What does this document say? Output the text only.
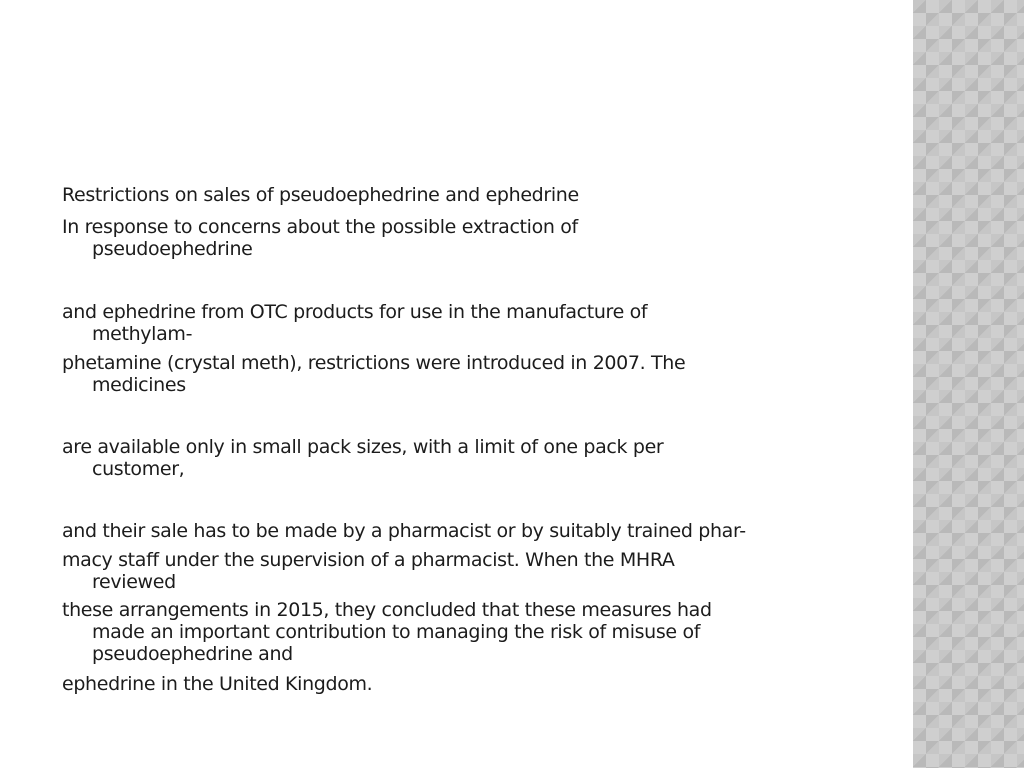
Restrictions on sales of pseudoephedrine and ephedrine
In response to concerns about the possible extraction of
pseudoephedrine
and ephedrine from OTC products for use in the manufacture of
methylam-
phetamine (crystal meth), restrictions were introduced in 2007. The
medicines
are available only in small pack sizes, with a limit of one pack per
customer,
and their sale has to be made by a pharmacist or by suitably trained phar-
macy staff under the supervision of a pharmacist. When the MHRA
reviewed
these arrangements in 2015, they concluded that these measures had
made an important contribution to managing the risk of misuse of
pseudoephedrine and
ephedrine in the United Kingdom.
